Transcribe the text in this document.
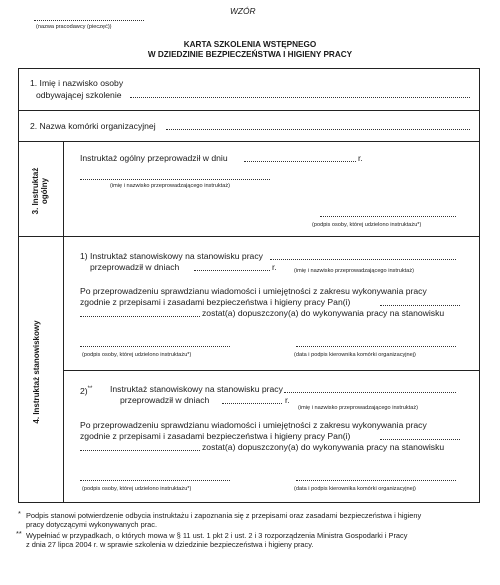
WZÓR
(nazwa pracodawcy (pieczęć))
KARTA SZKOLENIA WSTĘPNEGO
W DZIEDZINIE BEZPIECZEŃSTWA I HIGIENY PRACY
1. Imię i nazwisko osoby
odbywającej szkolenie
2. Nazwa komórki organizacyjnej
3. Instruktaż ogólny
Instruktaż ogólny przeprowadził w dniu	r.
(imię i nazwisko przeprowadzającego instruktaż)
(podpis osoby, której udzielono instruktażu*)
4. Instruktaż stanowiskowy
1) Instruktaż stanowiskowy na stanowisku pracy
przeprowadził w dniach	r.	(imię i nazwisko przeprowadzającego instruktaż)
Po przeprowadzeniu sprawdzianu wiadomości i umiejętności z zakresu wykonywania pracy
zgodnie z przepisami i zasadami bezpieczeństwa i higieny pracy Pan(i)
zostat(a) dopuszczony(a) do wykonywania pracy na stanowisku
(podpis osoby, której udzielono instruktażu*)	(data i podpis kierownika komórki organizacyjnej)
2)** Instruktaż stanowiskowy na stanowisku pracy
przeprowadził w dniach	r.
(imię i nazwisko przeprowadzającego instruktaż)
Po przeprowadzeniu sprawdzianu wiadomości i umiejętności z zakresu wykonywania pracy
zgodnie z przepisami i zasadami bezpieczeństwa i higieny pracy Pan(i)
zostat(a) dopuszczony(a) do wykonywania pracy na stanowisku
(podpis osoby, której udzielono instruktażu*)	(data i podpis kierownika komórki organizacyjnej)
* Podpis stanowi potwierdzenie odbycia instruktażu i zapoznania się z przepisami oraz zasadami bezpieczeństwa i higieny
pracy dotyczącymi wykonywanych prac.
** Wypełniać w przypadkach, o których mowa w § 11 ust. 1 pkt 2 i ust. 2 i 3 rozporządzenia Ministra Gospodarki i Pracy
z dnia 27 lipca 2004 r. w sprawie szkolenia w dziedzinie bezpieczeństwa i higieny pracy.
